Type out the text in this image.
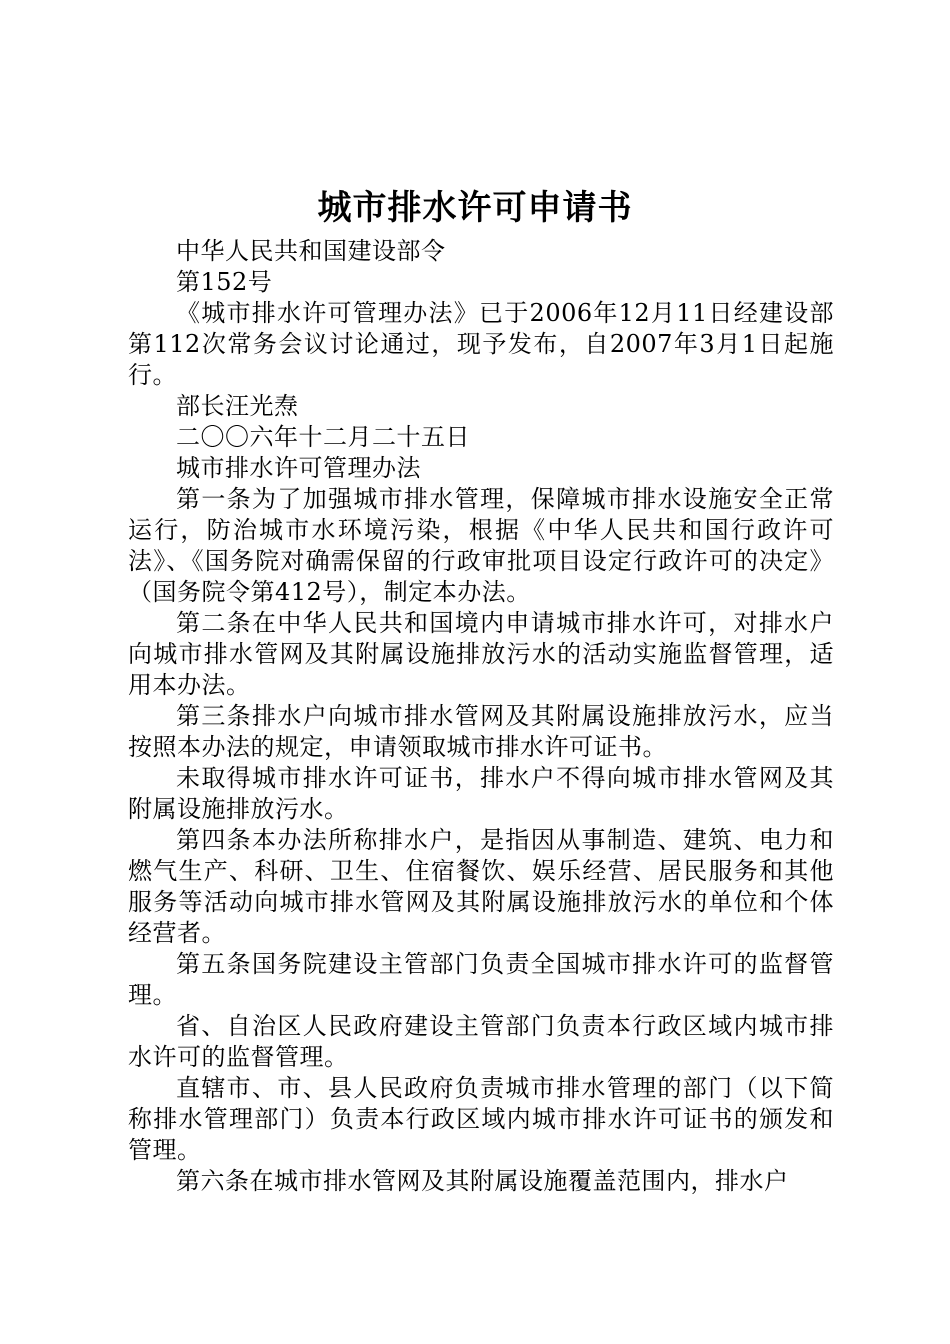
城市排水许可申请书

中华人民共和国建设部令

第152号

《城市排水许可管理办法》已于2006年12月11日经建设部第112次常务会议讨论通过，现予发布，自2007年3月1日起施行。

部长汪光焘

二〇〇六年十二月二十五日

城市排水许可管理办法

第一条为了加强城市排水管理，保障城市排水设施安全正常运行，防治城市水环境污染，根据《中华人民共和国行政许可法》、《国务院对确需保留的行政审批项目设定行政许可的决定》（国务院令第412号），制定本办法。

第二条在中华人民共和国境内申请城市排水许可，对排水户向城市排水管网及其附属设施排放污水的活动实施监督管理，适用本办法。

第三条排水户向城市排水管网及其附属设施排放污水，应当按照本办法的规定，申请领取城市排水许可证书。

未取得城市排水许可证书，排水户不得向城市排水管网及其附属设施排放污水。

第四条本办法所称排水户，是指因从事制造、建筑、电力和燃气生产、科研、卫生、住宿餐饮、娱乐经营、居民服务和其他服务等活动向城市排水管网及其附属设施排放污水的单位和个体经营者。

第五条国务院建设主管部门负责全国城市排水许可的监督管理。

省、自治区人民政府建设主管部门负责本行政区域内城市排水许可的监督管理。

直辖市、市、县人民政府负责城市排水管理的部门（以下简称排水管理部门）负责本行政区域内城市排水许可证书的颁发和管理。

第六条在城市排水管网及其附属设施覆盖范围内，排水户
